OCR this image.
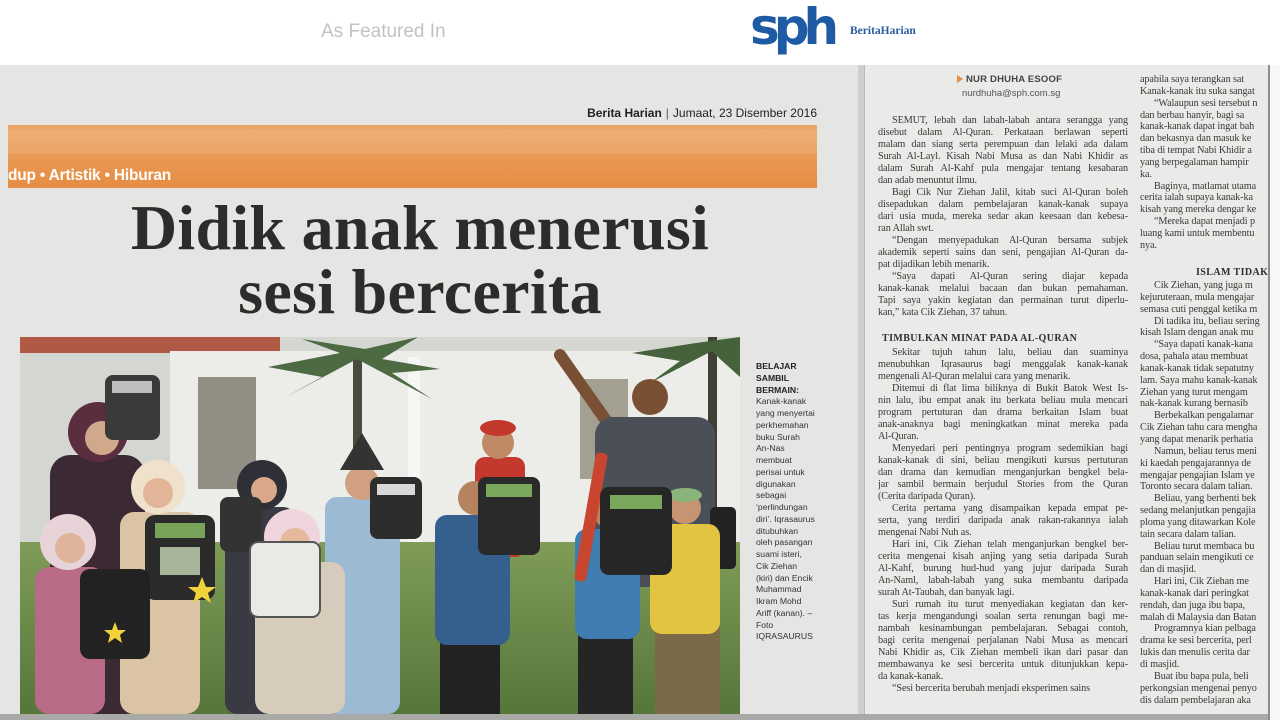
As Featured In	sph BeritaHarian
Berita Harian | Jumaat, 23 Disember 2016
dup • Artistik • Hiburan
Didik anak menerusi
sesi bercerita
BELAJAR
SAMBIL
BERMAIN:
Kanak-kanak
yang menyertai
perkhemahan
buku Surah
An-Nas
membuat
perisai untuk
digunakan
sebagai
‘perlindungan
diri’. Iqrasaurus
ditubuhkan
oleh pasangan
suami isteri,
Cik Ziehan
(kiri) dan Encik
Muhammad
Ikram Mohd
Ariff (kanan). –
Foto
IQRASAURUS
NUR DHUHA ESOOF
nurdhuha@sph.com.sg
SEMUT, lebah dan labah-labah antara serangga yang
disebut dalam Al-Quran. Perkataan berlawan seperti
malam dan siang serta perempuan dan lelaki ada dalam
Surah Al-Layl. Kisah Nabi Musa as dan Nabi Khidir as
dalam Surah Al-Kahf pula mengajar tentang kesabaran
dan adab menuntut ilmu.
Bagi Cik Nur Ziehan Jalil, kitab suci Al-Quran boleh
disepadukan dalam pembelajaran kanak-kanak supaya
dari usia muda, mereka sedar akan keesaan dan kebesa-
ran Allah swt.
“Dengan menyepadukan Al-Quran bersama subjek
akademik seperti sains dan seni, pengajian Al-Quran da-
pat dijadikan lebih menarik.
“Saya dapati Al-Quran sering diajar kepada
kanak-kanak melalui bacaan dan bukan pemahaman.
Tapi saya yakin kegiatan dan permainan turut diperlu-
kan,” kata Cik Ziehan, 37 tahun.
TIMBULKAN MINAT PADA AL-QURAN
Sekitar tujuh tahun lalu, beliau dan suaminya
menubuhkan Iqrasaurus bagi menggalak kanak-kanak
mengenali Al-Quran melalui cara yang menarik.
Ditemui di flat lima biliknya di Bukit Batok West Is-
nin lalu, ibu empat anak itu berkata beliau mula mencari
program pertuturan dan drama berkaitan Islam buat
anak-anaknya bagi meningkatkan minat mereka pada
Al-Quran.
Menyedari peri pentingnya program sedemikian bagi
kanak-kanak di sini, beliau mengikuti kursus pertuturan
dan drama dan kemudian menganjurkan bengkel bela-
jar sambil bermain berjudul Stories from the Quran
(Cerita daripada Quran).
Cerita pertama yang disampaikan kepada empat pe-
serta, yang terdiri daripada anak rakan-rakannya ialah
mengenai Nabi Nuh as.
Hari ini, Cik Ziehan telah menganjurkan bengkel ber-
cerita mengenai kisah anjing yang setia daripada Surah
Al-Kahf, burung hud-hud yang jujur daripada Surah
An-Naml, labah-labah yang suka membantu daripada
surah At-Taubah, dan banyak lagi.
Suri rumah itu turut menyediakan kegiatan dan ker-
tas kerja mengandungi soalan serta renungan bagi me-
nambah kesinambungan pembelajaran. Sebagai contoh,
bagi cerita mengenai perjalanan Nabi Musa as mencari
Nabi Khidir as, Cik Ziehan membeli ikan dari pasar dan
membawanya ke sesi bercerita untuk ditunjukkan kepa-
da kanak-kanak.
“Sesi bercerita berubah menjadi eksperimen sains
apabila saya terangkan sat
Kanak-kanak itu suka sangat
“Walaupun sesi tersebut n
dan berbau hanyir, bagi sa
kanak-kanak dapat ingat bah
dan bekasnya dan masuk ke
tiba di tempat Nabi Khidir a
yang berpegalaman hampir
ka.
Baginya, matlamat utama
cerita ialah supaya kanak-ka
kisah yang mereka dengar ke
“Mereka dapat menjadi p
luang kami untuk membentu
nya.
ISLAM TIDAK
Cik Ziehan, yang juga m
kejuruteraan, mula mengajar
semasa cuti penggal ketika m
Di tadika itu, beliau sering
kisah Islam dengan anak mu
“Saya dapati kanak-kana
dosa, pahala atau membuat
kanak-kanak tidak sepatutny
lam. Saya mahu kanak-kanak
Ziehan yang turut mengam
nak-kanak kurang bernasib
Berbekalkan pengalamar
Cik Ziehan tahu cara mengha
yang dapat menarik perhatia
Namun, beliau terus meni
ki kaedah pengajarannya de
mengajar pengajian Islam ye
Toronto secara dalam talian.
Beliau, yang berhenti bek
sedang melanjutkan pengajia
ploma yang ditawarkan Kole
tain secara dalam talian.
Beliau turut membaca bu
panduan selain mengikuti ce
dan di masjid.
Hari ini, Cik Ziehan me
kanak-kanak dari peringkat
rendah, dan juga ibu bapa,
malah di Malaysia dan Batan
Programnya kian pelbaga
drama ke sesi bercerita, perl
lukis dan menulis cerita dar
di masjid.
Buat ibu bapa pula, beli
perkongsian mengenai penyo
dis dalam pembelajaran aka
